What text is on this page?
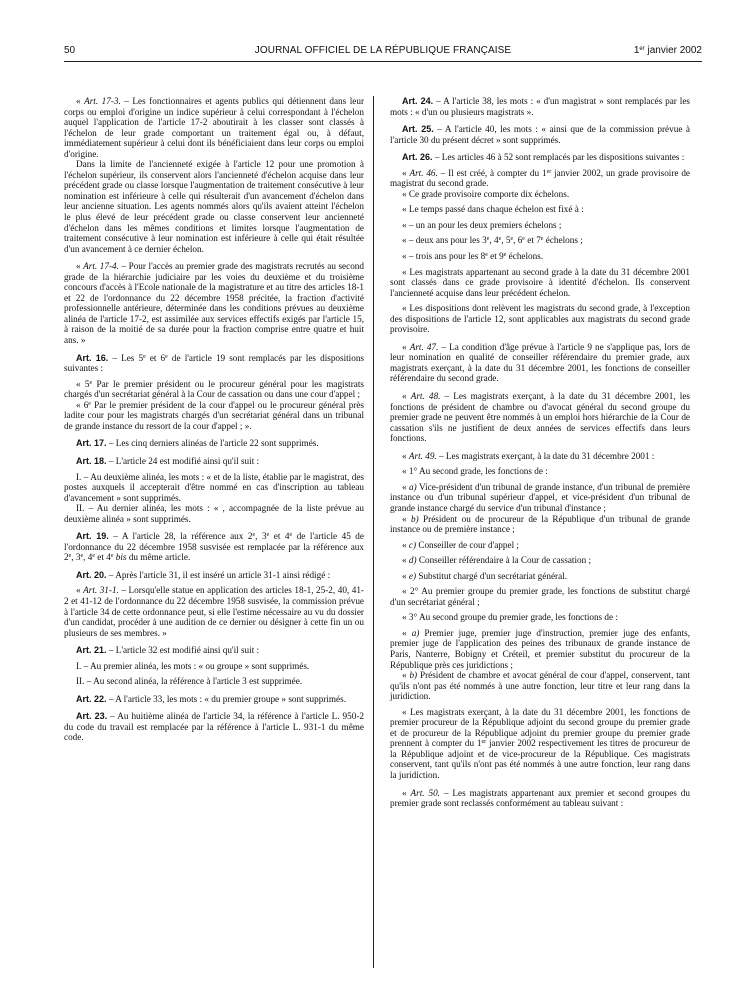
50	JOURNAL OFFICIEL DE LA RÉPUBLIQUE FRANÇAISE	1er janvier 2002

« Art. 17-3. – Les fonctionnaires et agents publics qui détiennent dans leur corps ou emploi d'origine un indice supérieur à celui correspondant à l'échelon auquel l'application de l'article 17-2 aboutirait à les classer sont classés à l'échelon de leur grade comportant un traitement égal ou, à défaut, immédiatement supérieur à celui dont ils bénéficiaient dans leur corps ou emploi d'origine.

Dans la limite de l'ancienneté exigée à l'article 12 pour une promotion à l'échelon supérieur, ils conservent alors l'ancienneté d'échelon acquise dans leur précédent grade ou classe lorsque l'augmentation de traitement consécutive à leur nomination est inférieure à celle qui résulterait d'un avancement d'échelon dans leur ancienne situation. Les agents nommés alors qu'ils avaient atteint l'échelon le plus élevé de leur précédent grade ou classe conservent leur ancienneté d'échelon dans les mêmes conditions et limites lorsque l'augmentation de traitement consécutive à leur nomination est inférieure à celle qui était résultée d'un avancement à ce dernier échelon.

« Art. 17-4. – Pour l'accès au premier grade des magistrats recrutés au second grade de la hiérarchie judiciaire par les voies du deuxième et du troisième concours d'accès à l'Ecole nationale de la magistrature et au titre des articles 18-1 et 22 de l'ordonnance du 22 décembre 1958 précitée, la fraction d'activité professionnelle antérieure, déterminée dans les conditions prévues au deuxième alinéa de l'article 17-2, est assimilée aux services effectifs exigés par l'article 15, à raison de la moitié de sa durée pour la fraction comprise entre quatre et huit ans. »

Art. 16. – Les 5e et 6e de l'article 19 sont remplacés par les dispositions suivantes :

« 5e Par le premier président ou le procureur général pour les magistrats chargés d'un secrétariat général à la Cour de cassation ou dans une cour d'appel ;

« 6e Par le premier président de la cour d'appel ou le procureur général près ladite cour pour les magistrats chargés d'un secrétariat général dans un tribunal de grande instance du ressort de la cour d'appel ; ».

Art. 17. – Les cinq derniers alinéas de l'article 22 sont supprimés.

Art. 18. – L'article 24 est modifié ainsi qu'il suit :

I. – Au deuxième alinéa, les mots : « et de la liste, établie par le magistrat, des postes auxquels il accepterait d'être nommé en cas d'inscription au tableau d'avancement » sont supprimés.

II. – Au dernier alinéa, les mots : « , accompagnée de la liste prévue au deuxième alinéa » sont supprimés.

Art. 19. – A l'article 28, la référence aux 2e, 3e et 4e de l'article 45 de l'ordonnance du 22 décembre 1958 susvisée est remplacée par la référence aux 2e, 3e, 4e et 4e bis du même article.

Art. 20. – Après l'article 31, il est inséré un article 31-1 ainsi rédigé :

« Art. 31-1. – Lorsqu'elle statue en application des articles 18-1, 25-2, 40, 41-2 et 41-12 de l'ordonnance du 22 décembre 1958 susvisée, la commission prévue à l'article 34 de cette ordonnance peut, si elle l'estime nécessaire au vu du dossier d'un candidat, procéder à une audition de ce dernier ou désigner à cette fin un ou plusieurs de ses membres. »

Art. 21. – L'article 32 est modifié ainsi qu'il suit :

I. – Au premier alinéa, les mots : « ou groupe » sont supprimés.

II. – Au second alinéa, la référence à l'article 3 est supprimée.

Art. 22. – A l'article 33, les mots : « du premier groupe » sont supprimés.

Art. 23. – Au huitième alinéa de l'article 34, la référence à l'article L. 950-2 du code du travail est remplacée par la référence à l'article L. 931-1 du même code.

Art. 24. – A l'article 38, les mots : « d'un magistrat » sont remplacés par les mots : « d'un ou plusieurs magistrats ».

Art. 25. – A l'article 40, les mots : « ainsi que de la commission prévue à l'article 30 du présent décret » sont supprimés.

Art. 26. – Les articles 46 à 52 sont remplacés par les dispositions suivantes :

« Art. 46. – Il est créé, à compter du 1er janvier 2002, un grade provisoire de magistrat du second grade.

« Ce grade provisoire comporte dix échelons.

« Le temps passé dans chaque échelon est fixé à :

« – un an pour les deux premiers échelons ;

« – deux ans pour les 3e, 4e, 5e, 6e et 7e échelons ;

« – trois ans pour les 8e et 9e échelons.

« Les magistrats appartenant au second grade à la date du 31 décembre 2001 sont classés dans ce grade provisoire à identité d'échelon. Ils conservent l'ancienneté acquise dans leur précédent échelon.

« Les dispositions dont relèvent les magistrats du second grade, à l'exception des dispositions de l'article 12, sont applicables aux magistrats du second grade provisoire.

« Art. 47. – La condition d'âge prévue à l'article 9 ne s'applique pas, lors de leur nomination en qualité de conseiller référendaire du premier grade, aux magistrats exerçant, à la date du 31 décembre 2001, les fonctions de conseiller référendaire du second grade.

« Art. 48. – Les magistrats exerçant, à la date du 31 décembre 2001, les fonctions de président de chambre ou d'avocat général du second groupe du premier grade ne peuvent être nommés à un emploi hors hiérarchie de la Cour de cassation s'ils ne justifient de deux années de services effectifs dans leurs fonctions.

« Art. 49. – Les magistrats exerçant, à la date du 31 décembre 2001 :

« 1° Au second grade, les fonctions de :

« a) Vice-président d'un tribunal de grande instance, d'un tribunal de première instance ou d'un tribunal supérieur d'appel, et vice-président d'un tribunal de grande instance chargé du service d'un tribunal d'instance ;

« b) Président ou de procureur de la République d'un tribunal de grande instance ou de première instance ;

« c) Conseiller de cour d'appel ;

« d) Conseiller référendaire à la Cour de cassation ;

« e) Substitut chargé d'un secrétariat général.

« 2° Au premier groupe du premier grade, les fonctions de substitut chargé d'un secrétariat général ;

« 3° Au second groupe du premier grade, les fonctions de :

« a) Premier juge, premier juge d'instruction, premier juge des enfants, premier juge de l'application des peines des tribunaux de grande instance de Paris, Nanterre, Bobigny et Créteil, et premier substitut du procureur de la République près ces juridictions ;

« b) Président de chambre et avocat général de cour d'appel, conservent, tant qu'ils n'ont pas été nommés à une autre fonction, leur titre et leur rang dans la juridiction.

« Les magistrats exerçant, à la date du 31 décembre 2001, les fonctions de premier procureur de la République adjoint du second groupe du premier grade et de procureur de la République adjoint du premier groupe du premier grade prennent à compter du 1er janvier 2002 respectivement les titres de procureur de la République adjoint et de vice-procureur de la République. Ces magistrats conservent, tant qu'ils n'ont pas été nommés à une autre fonction, leur rang dans la juridiction.

« Art. 50. – Les magistrats appartenant aux premier et second groupes du premier grade sont reclassés conformément au tableau suivant :
